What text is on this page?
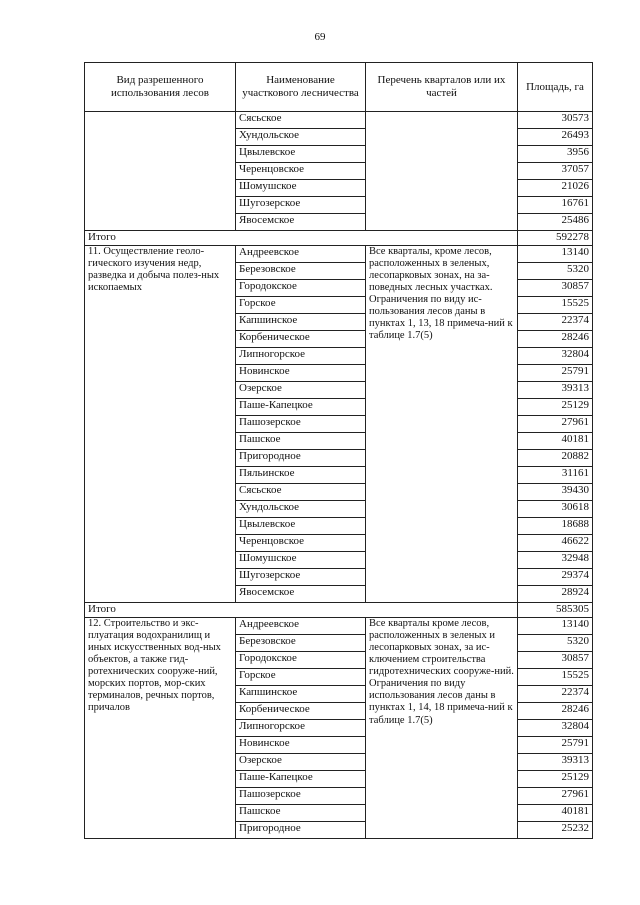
69
Вид разрешенного использования лесов	Наименование участкового лесничества	Перечень кварталов или их частей	Площадь, га
	Сясьское		30573
	Хундольское		26493
	Цвылевское		3956
	Черенцовское		37057
	Шомушское		21026
	Шугозерское		16761
	Явосемское		25486
Итого			592278
11. Осуществление геоло-гического изучения недр, разведка и добыча полез-ных ископаемых	Андреевское	Все кварталы, кроме лесов, расположенных в зеленых, лесопарковых зонах, на за-поведных лесных участках. Ограничения по виду ис-пользования лесов даны в пунктах 1, 13, 18 примеча-ний к таблице 1.7(5)	13140
	Березовское		5320
	Городокское		30857
	Горское		15525
	Капшинское		22374
	Корбеническое		28246
	Липногорское		32804
	Новинское		25791
	Озерское		39313
	Паше-Капецкое		25129
	Пашозерское		27961
	Пашское		40181
	Пригородное		20882
	Пяльинское		31161
	Сясьское		39430
	Хундольское		30618
	Цвылевское		18688
	Черенцовское		46622
	Шомушское		32948
	Шугозерское		29374
	Явосемское		28924
Итого			585305
12. Строительство и экс-плуатация водохранилищ и иных искусственных вод-ных объектов, а также гид-ротехнических сооруже-ний, морских портов, мор-ских терминалов, речных портов, причалов	Андреевское	Все кварталы кроме лесов, расположенных в зеленых и лесопарковых зонах, за ис-ключением строительства гидротехнических сооруже-ний. Ограничения по виду использования лесов даны в пунктах 1, 14, 18 примеча-ний к таблице 1.7(5)	13140
	Березовское		5320
	Городокское		30857
	Горское		15525
	Капшинское		22374
	Корбеническое		28246
	Липногорское		32804
	Новинское		25791
	Озерское		39313
	Паше-Капецкое		25129
	Пашозерское		27961
	Пашское		40181
	Пригородное		25232
